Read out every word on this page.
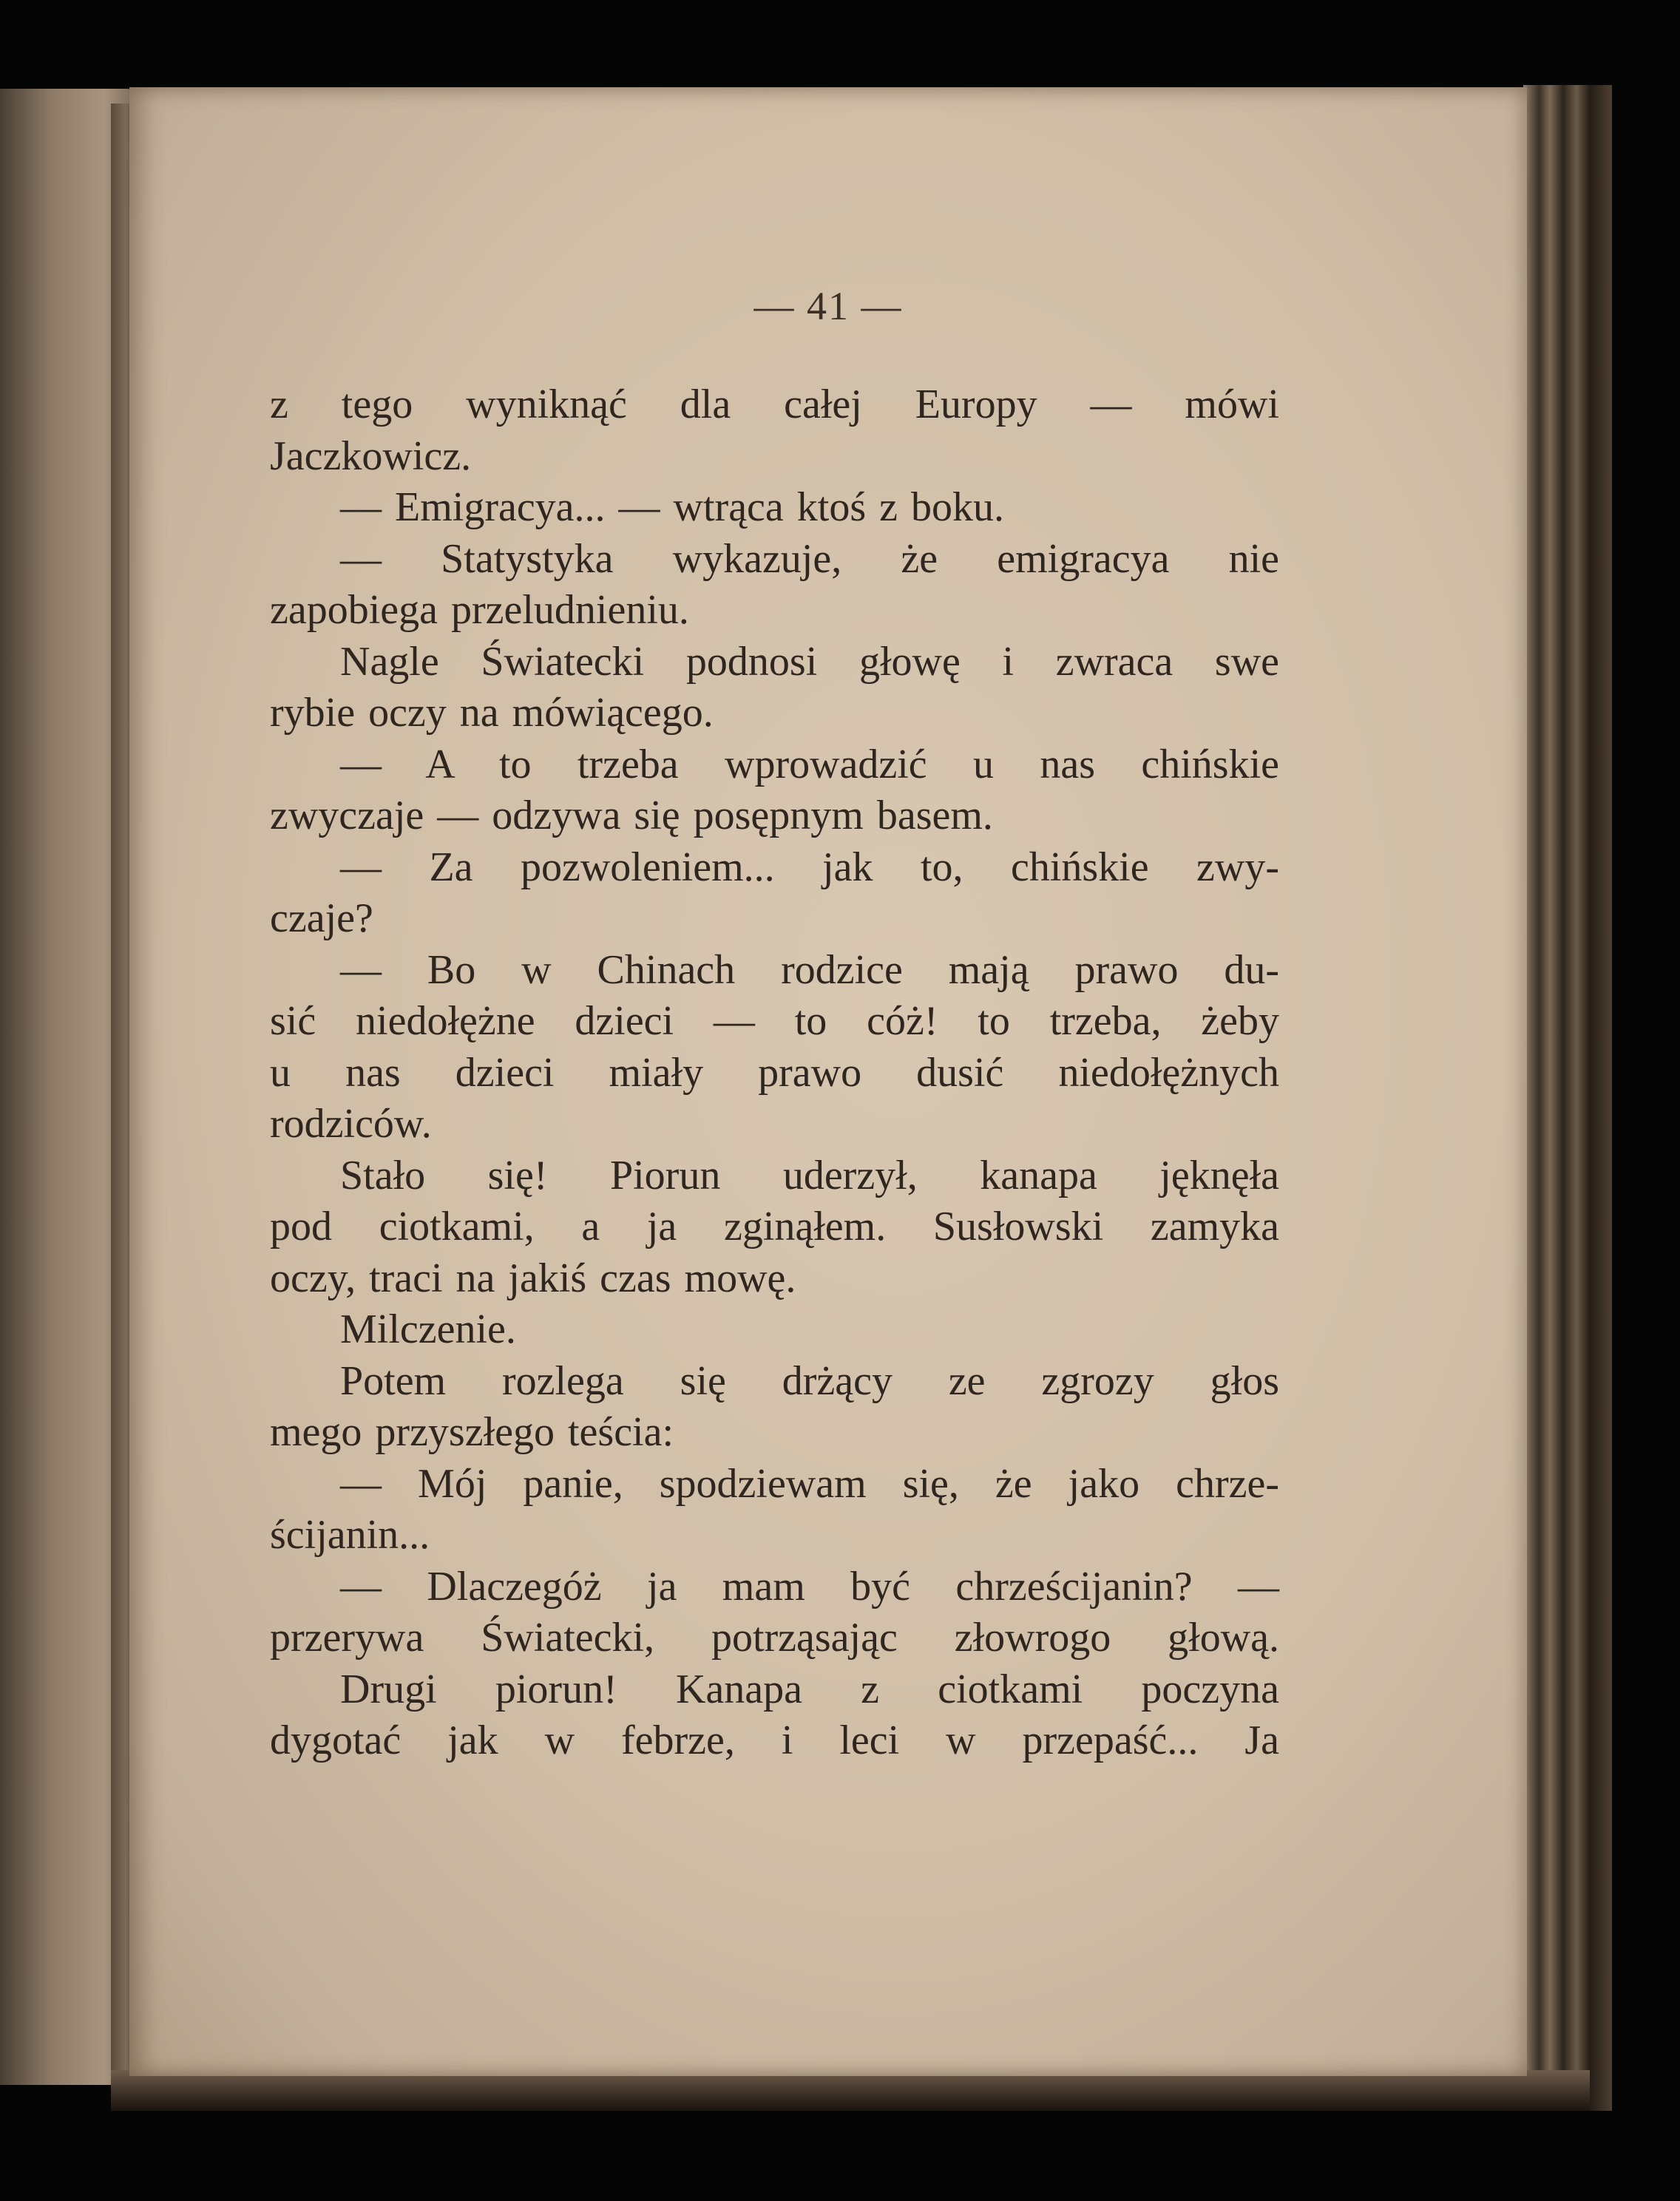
— 41 —
z tego wyniknąć dla całej Europy — mówi
Jaczkowicz.
— Emigracya... — wtrąca ktoś z boku.
— Statystyka wykazuje, że emigracya nie
zapobiega przeludnieniu.
Nagle Światecki podnosi głowę i zwraca swe
rybie oczy na mówiącego.
— A to trzeba wprowadzić u nas chińskie
zwyczaje — odzywa się posępnym basem.
— Za pozwoleniem... jak to, chińskie zwy-
czaje?
— Bo w Chinach rodzice mają prawo du-
sić niedołężne dzieci — to cóż! to trzeba, żeby
u nas dzieci miały prawo dusić niedołężnych
rodziców.
Stało się! Piorun uderzył, kanapa jęknęła
pod ciotkami, a ja zginąłem. Susłowski zamyka
oczy, traci na jakiś czas mowę.
Milczenie.
Potem rozlega się drżący ze zgrozy głos
mego przyszłego teścia:
— Mój panie, spodziewam się, że jako chrze-
ścijanin...
— Dlaczegóż ja mam być chrześcijanin? —
przerywa Światecki, potrząsając złowrogo głową.
Drugi piorun! Kanapa z ciotkami poczyna
dygotać jak w febrze, i leci w przepaść... Ja
